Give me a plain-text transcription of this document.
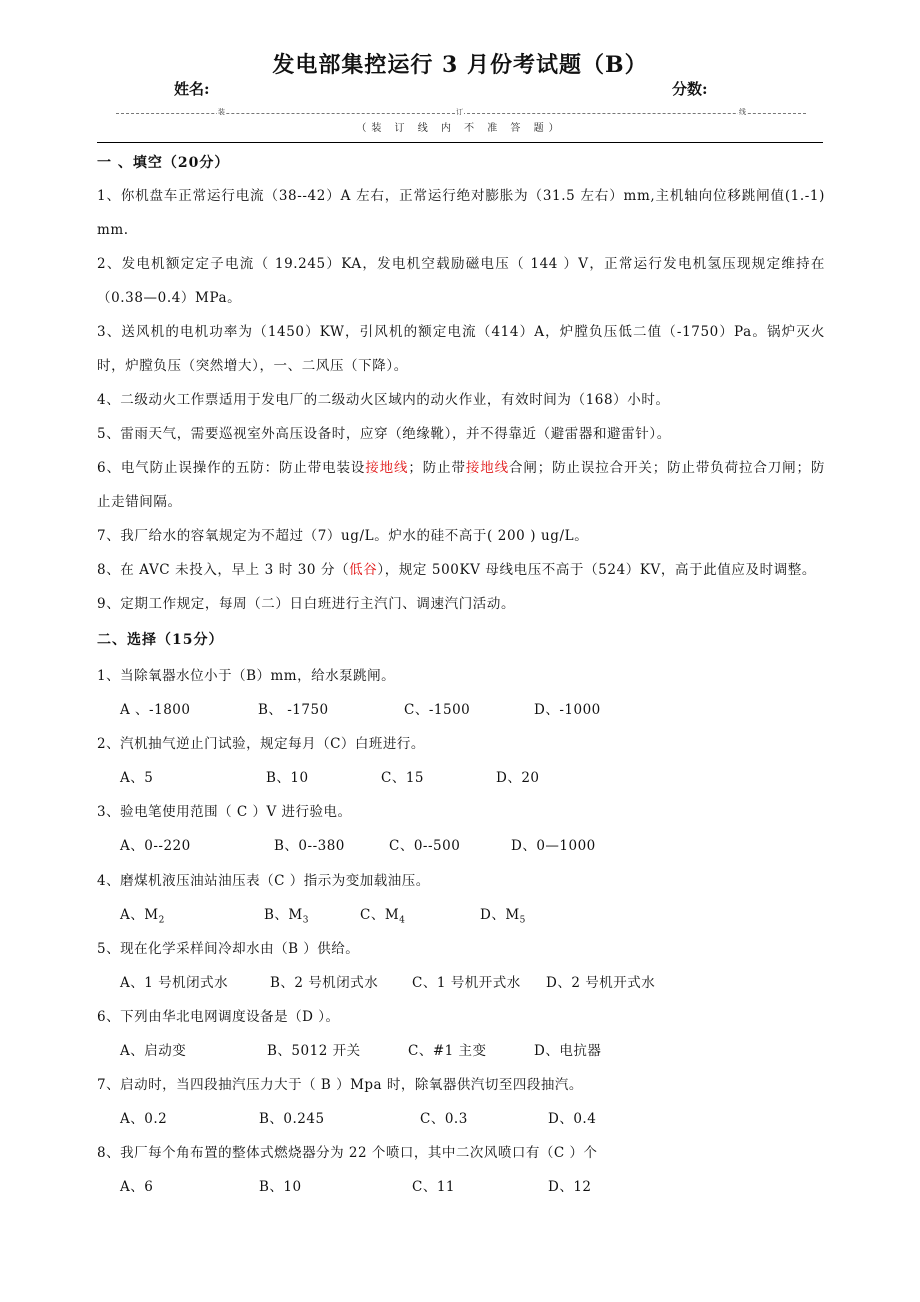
发电部集控运行 3 月份考试题（B）
姓名:	分数:
装	订	线
（装 订 线 内 不 准 答 题）
一 、填空（20分）
1、你机盘车正常运行电流（38--42）A 左右，正常运行绝对膨胀为（31.5 左右）mm,主机轴向位移跳闸值(1.-1) mm.
2、发电机额定定子电流（ 19.245）KA，发电机空载励磁电压（ 144 ）V，正常运行发电机氢压现规定维持在（0.38—0.4）MPa。
3、送风机的电机功率为（1450）KW，引风机的额定电流（414）A，炉膛负压低二值（-1750）Pa。锅炉灭火时，炉膛负压（突然增大），一、二风压（下降）。
4、二级动火工作票适用于发电厂的二级动火区域内的动火作业，有效时间为（168）小时。
5、雷雨天气，需要巡视室外高压设备时，应穿（绝缘靴），并不得靠近（避雷器和避雷针）。
6、电气防止误操作的五防：防止带电装设接地线；防止带接地线合闸；防止误拉合开关；防止带负荷拉合刀闸；防止走错间隔。
7、我厂给水的容氧规定为不超过（7）ug/L。炉水的硅不高于( 200 ) ug/L。
8、在 AVC 未投入，早上 3 时 30 分（低谷），规定 500KV 母线电压不高于（524）KV，高于此值应及时调整。
9、定期工作规定，每周（二）日白班进行主汽门、调速汽门活动。
二、选择（15分）
1、当除氧器水位小于（B）mm，给水泵跳闸。
A 、-1800	B、 -1750	C、-1500	D、-1000
2、汽机抽气逆止门试验，规定每月（C）白班进行。
A、5	B、10	C、15	D、20
3、验电笔使用范围（ C ）V 进行验电。
A、0--220	B、0--380	C、0--500	D、0—1000
4、磨煤机液压油站油压表（C ）指示为变加载油压。
A、$M_2$	B、$M_3$	C、$M_4$	D、$M_5$
5、现在化学采样间冷却水由（B ）供给。
A、1 号机闭式水	B、2 号机闭式水 C、1 号机开式水 D、2 号机开式水
6、下列由华北电网调度设备是（D ）。
A、启动变	B、5012 开关	C、#1 主变	D、电抗器
7、启动时，当四段抽汽压力大于（ B ）Mpa 时，除氧器供汽切至四段抽汽。
A、0.2	B、0.245	C、0.3	D、0.4
8、我厂每个角布置的整体式燃烧器分为 22 个喷口，其中二次风喷口有（C ）个
A、6	B、10	C、11	D、12
